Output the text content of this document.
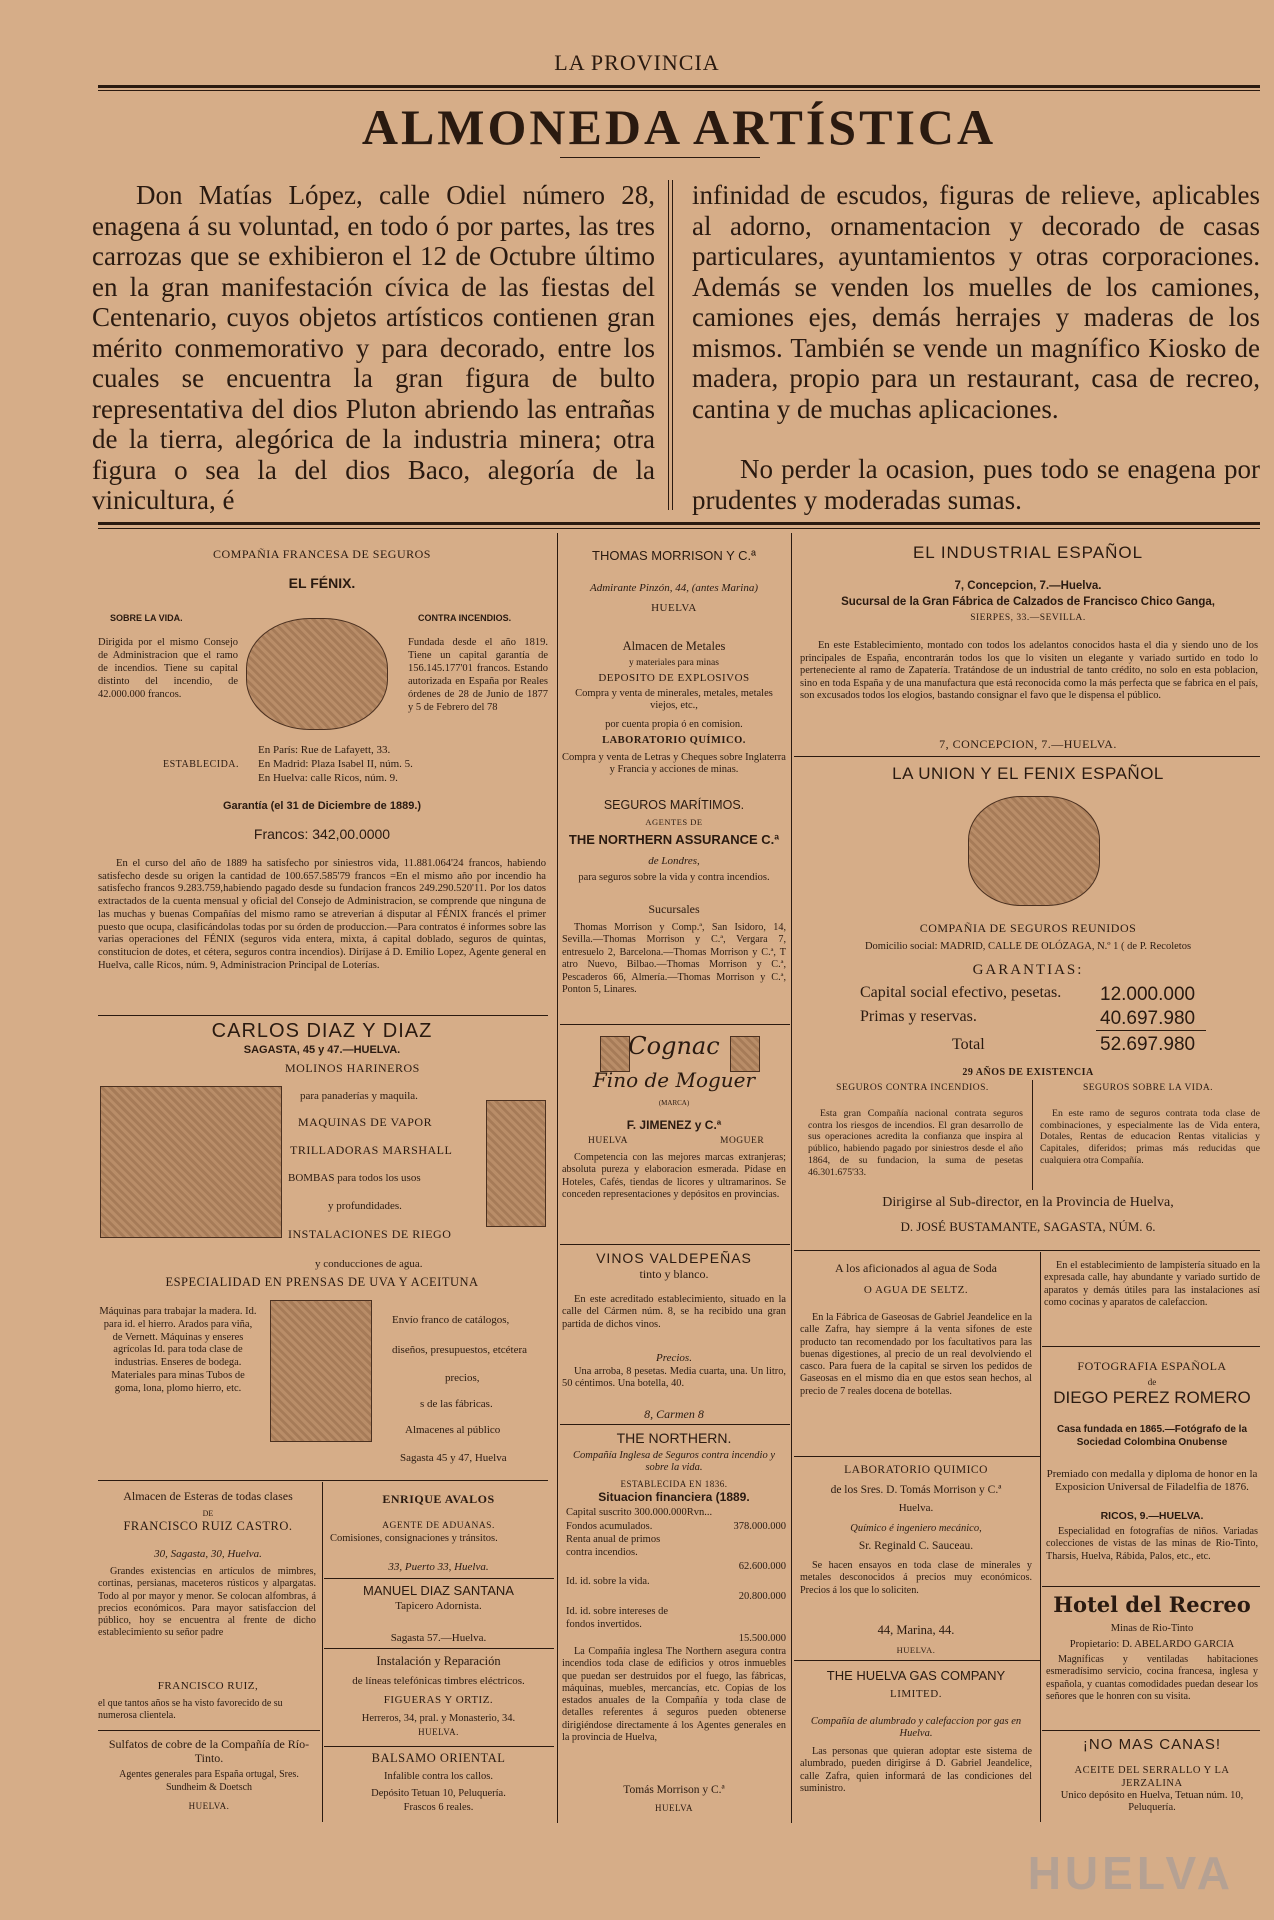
LA PROVINCIA
ALMONEDA ARTÍSTICA
Don Matías López, calle Odiel número 28, enagena á su voluntad, en todo ó por partes, las tres carrozas que se exhibieron el 12 de Octubre último en la gran manifestación cívica de las fiestas del Centenario, cuyos objetos artísticos contienen gran mérito conmemorativo y para decorado, entre los cuales se encuentra la gran figura de bulto representativa del dios Pluton abriendo las entrañas de la tierra, alegórica de la industria minera; otra figura o sea la del dios Baco, alegoría de la vinicultura, é
infinidad de escudos, figuras de relieve, aplicables al adorno, ornamentacion y decorado de casas particulares, ayuntamientos y otras corporaciones. Además se venden los muelles de los camiones, camiones ejes, demás herrajes y maderas de los mismos. También se vende un magnífico Kiosko de madera, propio para un restaurant, casa de recreo, cantina y de muchas aplicaciones.
No perder la ocasion, pues todo se enagena por prudentes y moderadas sumas.
COMPAÑIA FRANCESA DE SEGUROS
EL FÉNIX.
SOBRE LA VIDA.
Dirigida por el mismo Consejo de Administracion que el ramo de incendios. Tiene su capital distinto del incendio, de 42.000.000 francos.
CONTRA INCENDIOS.
Fundada desde el año 1819. Tiene un capital garantía de 156.145.177'01 francos. Estando autorizada en España por Reales órdenes de 28 de Junio de 1877 y 5 de Febrero del 78
ESTABLECIDA.
En París: Rue de Lafayett, 33.
En Madrid: Plaza Isabel II, núm. 5.
En Huelva: calle Ricos, núm. 9.
Garantía (el 31 de Diciembre de 1889.)
Francos: 342,00.0000
En el curso del año de 1889 ha satisfecho por siniestros vida, 11.881.064'24 francos, habiendo satisfecho desde su origen la cantidad de 100.657.585'79 francos =En el mismo año por incendio ha satisfecho francos 9.283.759,habiendo pagado desde su fundacion francos 249.290.520'11. Por los datos extractados de la cuenta mensual y oficial del Consejo de Administracion, se comprende que ninguna de las muchas y buenas Compañías del mismo ramo se atreverian á disputar al FÉNIX francés el primer puesto que ocupa, clasificándolas todas por su órden de produccion.—Para contratos é informes sobre las varias operaciones del FÉNIX (seguros vida entera, mixta, á capital doblado, seguros de quintas, constitucion de dotes, et cétera, seguros contra incendios). Diríjase á D. Emilio Lopez, Agente general en Huelva, calle Ricos, núm. 9, Administracion Principal de Loterías.
CARLOS DIAZ Y DIAZ
SAGASTA, 45 y 47.—HUELVA.
MOLINOS HARINEROS
para panaderías y maquila.
MAQUINAS DE VAPOR
TRILLADORAS MARSHALL
BOMBAS para todos los usos
y profundidades.
INSTALACIONES DE RIEGO
y conducciones de agua.
ESPECIALIDAD EN PRENSAS DE UVA Y ACEITUNA
Máquinas para trabajar la madera. Id. para id. el hierro. Arados para viña, de Vernett. Máquinas y enseres agrícolas Id. para toda clase de industrias. Enseres de bodega. Materiales para minas Tubos de goma, lona, plomo hierro, etc.
Envío franco de catálogos,
diseños, presupuestos, etcétera
precios,
s de las fábricas.
Almacenes al público
Sagasta 45 y 47, Huelva
Almacen de Esteras de todas clases
DE
FRANCISCO RUIZ CASTRO.
30, Sagasta, 30, Huelva.
Grandes existencias en artículos de mimbres, cortinas, persianas, maceteros rústicos y alpargatas. Todo al por mayor y menor. Se colocan alfombras, á precios económicos. Para mayor satisfaccion del público, hoy se encuentra al frente de dicho establecimiento su señor padre
FRANCISCO RUIZ,
el que tantos años se ha visto favorecido de su numerosa clientela.
Sulfatos de cobre de la Compañía de Río-Tinto.
Agentes generales para España ortugal, Sres. Sundheim & Doetsch
HUELVA.
ENRIQUE AVALOS
AGENTE DE ADUANAS.
Comisiones, consignaciones y tránsitos.
33, Puerto 33, Huelva.
MANUEL DIAZ SANTANA
Tapicero Adornista.
Sagasta 57.—Huelva.
Instalación y Reparación
de líneas telefónicas timbres eléctricos.
FIGUERAS Y ORTIZ.
Herreros, 34, pral. y Monasterio, 34.
HUELVA.
BALSAMO ORIENTAL
Infalible contra los callos.
Depósito Tetuan 10, Peluquería.
Frascos 6 reales.
THOMAS MORRISON Y C.ª
Admirante Pinzón, 44, (antes Marina)
HUELVA
Almacen de Metales
y materiales para minas
DEPOSITO DE EXPLOSIVOS
Compra y venta de minerales, metales, metales viejos, etc.,
por cuenta propia ó en comision.
LABORATORIO QUÍMICO.
Compra y venta de Letras y Cheques sobre Inglaterra y Francia y acciones de minas.
SEGUROS MARÍTIMOS.
AGENTES DE
THE NORTHERN ASSURANCE C.ª
de Londres,
para seguros sobre la vida y contra incendios.
Sucursales
Thomas Morrison y Comp.ª, San Isidoro, 14, Sevilla.—Thomas Morrison y C.ª, Vergara 7, entresuelo 2, Barcelona.—Thomas Morrison y C.ª, T atro Nuevo, Bilbao.—Thomas Morrison y C.ª, Pescaderos 66, Almería.—Thomas Morrison y C.ª, Ponton 5, Linares.
Cognac
Fino de Moguer
(MARCA)
F. JIMENEZ y C.ª
HUELVA	MOGUER
Competencia con las mejores marcas extranjeras; absoluta pureza y elaboracion esmerada. Pídase en Hoteles, Cafés, tiendas de licores y ultramarinos. Se conceden representaciones y depósitos en provincias.
VINOS VALDEPEÑAS
tinto y blanco.
En este acreditado establecimiento, situado en la calle del Cármen núm. 8, se ha recibido una gran partida de dichos vinos.
Precios.
Una arroba, 8 pesetas. Media cuarta, una. Un litro, 50 céntimos. Una botella, 40.
8, Carmen 8
THE NORTHERN.
Compañía Inglesa de Seguros contra incendio y sobre la vida.
ESTABLECIDA EN 1836.
Situacion financiera (1889.
Capital suscrito 300.000.000Rvn...
Fondos acumulados.	378.000.000
Renta anual de primos contra incendios.
62.600.000
Id. id. sobre la vida.
20.800.000
Id. id. sobre intereses de fondos invertidos.
15.500.000
La Compañía inglesa The Northern asegura contra incendios toda clase de edificios y otros inmuebles que puedan ser destruidos por el fuego, las fábricas, máquinas, muebles, mercancías, etc. Copias de los estados anuales de la Compañía y toda clase de detalles referentes á seguros pueden obtenerse dirigiéndose directamente á los Agentes generales en la provincia de Huelva,
Tomás Morrison y C.ª
HUELVA
EL INDUSTRIAL ESPAÑOL
7, Concepcion, 7.—Huelva.
Sucursal de la Gran Fábrica de Calzados de Francisco Chico Ganga,
SIERPES, 33.—SEVILLA.
En este Establecimiento, montado con todos los adelantos conocidos hasta el dia y siendo uno de los principales de España, encontrarán todos los que lo visiten un elegante y variado surtido en todo lo perteneciente al ramo de Zapatería. Tratándose de un industrial de tanto crédito, no solo en esta poblacion, sino en toda España y de una manufactura que está reconocida como la más perfecta que se fabrica en el país, son excusados todos los elogios, bastando consignar el favo que le dispensa el público.
7, CONCEPCION, 7.—HUELVA.
LA UNION Y EL FENIX ESPAÑOL
COMPAÑIA DE SEGUROS REUNIDOS
Domicilio social: MADRID, CALLE DE OLÓZAGA, N.º 1 ( de P. Recoletos
GARANTIAS:
Capital social efectivo, pesetas.	12.000.000
Primas y reservas.	40.697.980
Total	52.697.980
29 AÑOS DE EXISTENCIA
SEGUROS CONTRA INCENDIOS.
Esta gran Compañía nacional contrata seguros contra los riesgos de incendios. El gran desarrollo de sus operaciones acredita la confianza que inspira al público, habiendo pagado por siniestros desde el año 1864, de su fundacion, la suma de pesetas 46.301.675'33.
SEGUROS SOBRE LA VIDA.
En este ramo de seguros contrata toda clase de combinaciones, y especialmente las de Vida entera, Dotales, Rentas de educacion Rentas vitalicias y Capitales, diferidos; primas más reducidas que cualquiera otra Compañía.
Dirigirse al Sub-director, en la Provincia de Huelva,
D. JOSÉ BUSTAMANTE, SAGASTA, NÚM. 6.
A los aficionados al agua de Soda
O AGUA DE SELTZ.
En la Fábrica de Gaseosas de Gabriel Jeandelice en la calle Zafra, hay siempre á la venta sifones de este producto tan recomendado por los facultativos para las buenas digestiones, al precio de un real devolviendo el casco. Para fuera de la capital se sirven los pedidos de Gaseosas en el mismo dia en que estos sean hechos, al precio de 7 reales docena de botellas.
En el establecimiento de lampistería situado en la expresada calle, hay abundante y variado surtido de aparatos y demás útiles para las instalaciones así como cocinas y aparatos de calefaccion.
LABORATORIO QUIMICO
de los Sres. D. Tomás Morrison y C.ª
Huelva.
Químico é ingeniero mecánico,
Sr. Reginald C. Sauceau.
Se hacen ensayos en toda clase de minerales y metales desconocidos á precios muy económicos. Precios á los que lo soliciten.
44, Marina, 44.
HUELVA.
THE HUELVA GAS COMPANY
LIMITED.
Compañía de alumbrado y calefaccion por gas en Huelva.
Las personas que quieran adoptar este sistema de alumbrado, pueden dirigirse á D. Gabriel Jeandelice, calle Zafra, quien informará de las condiciones del suministro.
FOTOGRAFIA ESPAÑOLA
de
DIEGO PEREZ ROMERO
Casa fundada en 1865.—Fotógrafo de la Sociedad Colombina Onubense
Premiado con medalla y diploma de honor en la Exposicion Universal de Filadelfia de 1876.
RICOS, 9.—HUELVA.
Especialidad en fotografías de niños. Variadas colecciones de vistas de las minas de Rio-Tinto, Tharsis, Huelva, Rábida, Palos, etc., etc.
Hotel del Recreo
Minas de Rio-Tinto
Propietario: D. ABELARDO GARCIA
Magníficas y ventiladas habitaciones esmeradísimo servicio, cocina francesa, inglesa y española, y cuantas comodidades puedan desear los señores que le honren con su visita.
¡NO MAS CANAS!
ACEITE DEL SERRALLO Y LA JERZALINA
Unico depósito en Huelva, Tetuan núm. 10, Peluquería.
HUELVA
